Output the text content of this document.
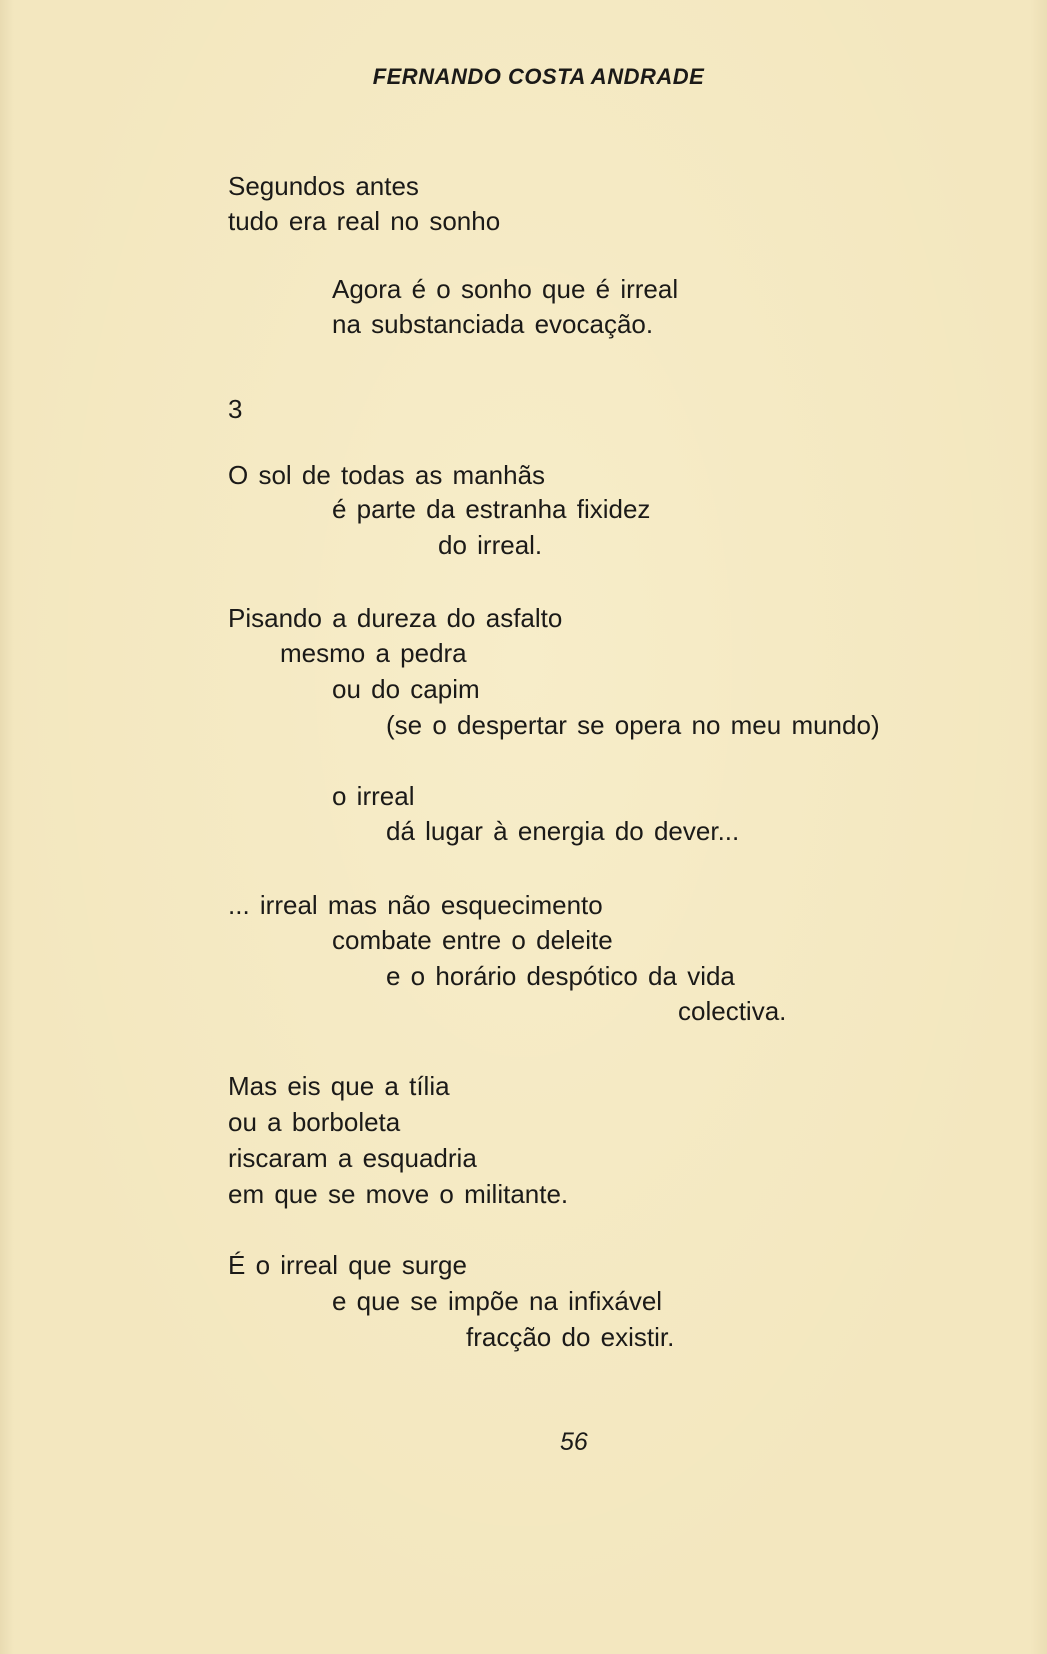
FERNANDO COSTA ANDRADE
Segundos antes
tudo era real no sonho
Agora é o sonho que é irreal
na substanciada evocação.
3
O sol de todas as manhãs
é parte da estranha fixidez
do irreal.
Pisando a dureza do asfalto
mesmo a pedra
ou do capim
(se o despertar se opera no meu mundo)
o irreal
dá lugar à energia do dever...
... irreal mas não esquecimento
combate entre o deleite
e o horário despótico da vida
colectiva.
Mas eis que a tília
ou a borboleta
riscaram a esquadria
em que se move o militante.
É o irreal que surge
e que se impõe na infixável
fracção do existir.
56
